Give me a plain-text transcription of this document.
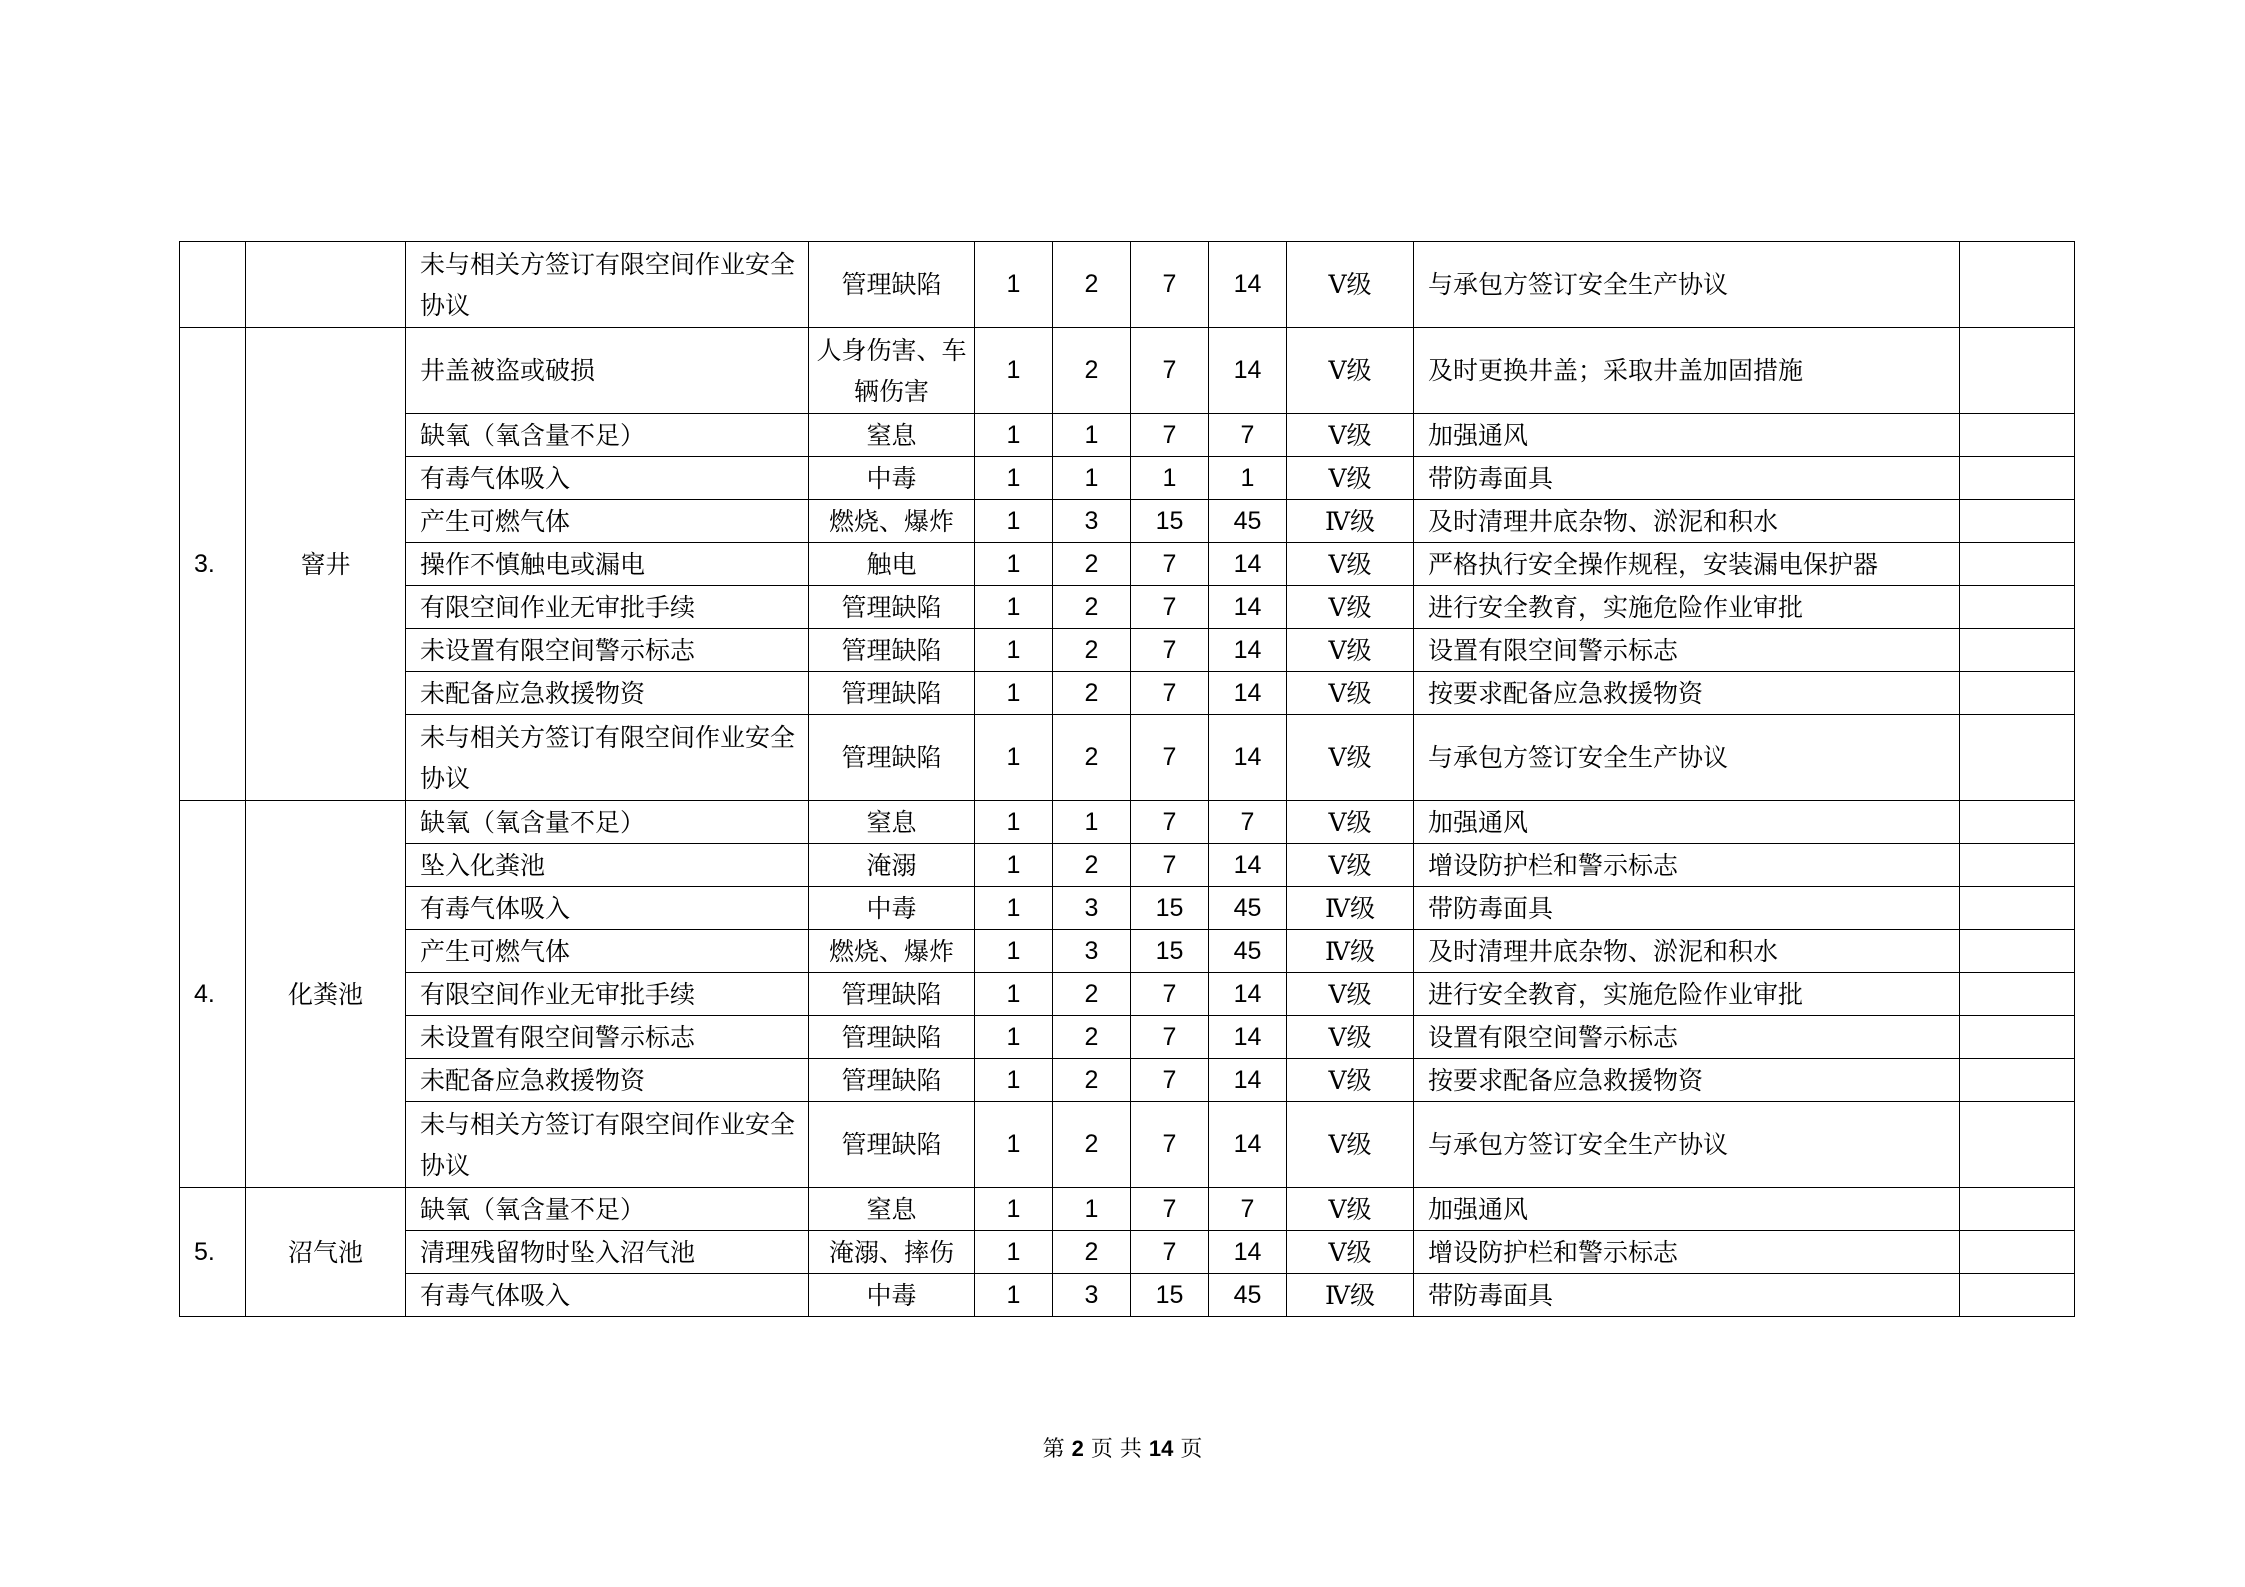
		未与相关方签订有限空间作业安全协议	管理缺陷	1	2	7	14	Ⅴ级	与承包方签订安全生产协议	
3.	窨井	井盖被盗或破损	人身伤害、车辆伤害	1	2	7	14	Ⅴ级	及时更换井盖；采取井盖加固措施	
		缺氧（氧含量不足）	窒息	1	1	7	7	Ⅴ级	加强通风	
		有毒气体吸入	中毒	1	1	1	1	Ⅴ级	带防毒面具	
		产生可燃气体	燃烧、爆炸	1	3	15	45	Ⅳ级	及时清理井底杂物、淤泥和积水	
		操作不慎触电或漏电	触电	1	2	7	14	Ⅴ级	严格执行安全操作规程，安装漏电保护器	
		有限空间作业无审批手续	管理缺陷	1	2	7	14	Ⅴ级	进行安全教育，实施危险作业审批	
		未设置有限空间警示标志	管理缺陷	1	2	7	14	Ⅴ级	设置有限空间警示标志	
		未配备应急救援物资	管理缺陷	1	2	7	14	Ⅴ级	按要求配备应急救援物资	
		未与相关方签订有限空间作业安全协议	管理缺陷	1	2	7	14	Ⅴ级	与承包方签订安全生产协议	
4.	化粪池	缺氧（氧含量不足）	窒息	1	1	7	7	Ⅴ级	加强通风	
		坠入化粪池	淹溺	1	2	7	14	Ⅴ级	增设防护栏和警示标志	
		有毒气体吸入	中毒	1	3	15	45	Ⅳ级	带防毒面具	
		产生可燃气体	燃烧、爆炸	1	3	15	45	Ⅳ级	及时清理井底杂物、淤泥和积水	
		有限空间作业无审批手续	管理缺陷	1	2	7	14	Ⅴ级	进行安全教育，实施危险作业审批	
		未设置有限空间警示标志	管理缺陷	1	2	7	14	Ⅴ级	设置有限空间警示标志	
		未配备应急救援物资	管理缺陷	1	2	7	14	Ⅴ级	按要求配备应急救援物资	
		未与相关方签订有限空间作业安全协议	管理缺陷	1	2	7	14	Ⅴ级	与承包方签订安全生产协议	
5.	沼气池	缺氧（氧含量不足）	窒息	1	1	7	7	Ⅴ级	加强通风	
		清理残留物时坠入沼气池	淹溺、摔伤	1	2	7	14	Ⅴ级	增设防护栏和警示标志	
		有毒气体吸入	中毒	1	3	15	45	Ⅳ级	带防毒面具	
第 2 页 共 14 页
